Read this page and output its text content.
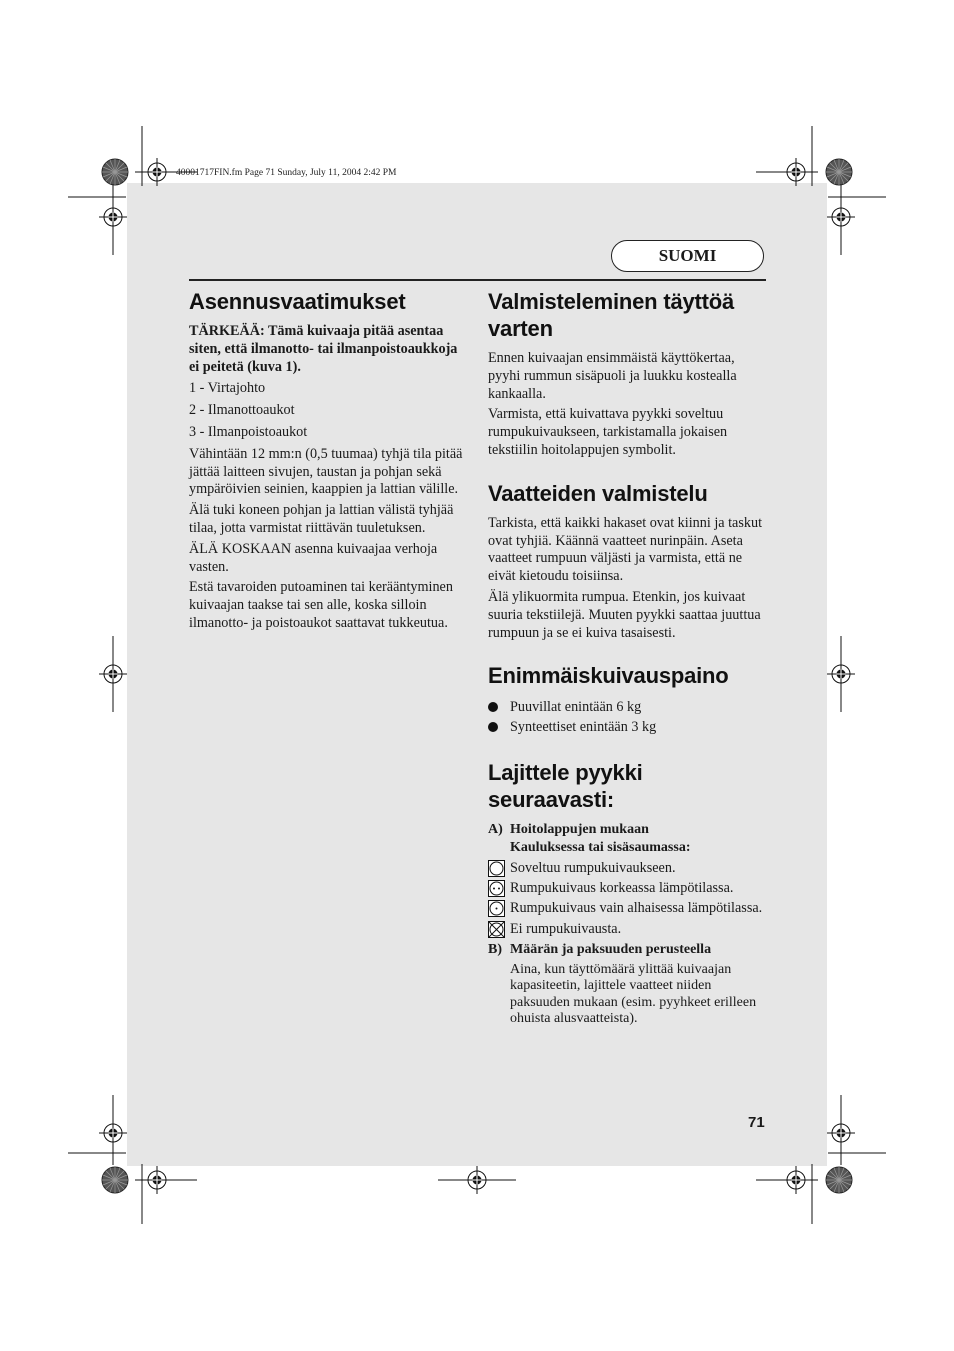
40001717FIN.fm Page 71 Sunday, July 11, 2004 2:42 PM
SUOMI
Asennusvaatimukset

TÄRKEÄÄ: Tämä kuivaaja pitää asentaa siten, että ilmanotto- tai ilmanpoistoaukkoja ei peitetä (kuva 1).

1 - Virtajohto

2 - Ilmanottoaukot

3 - Ilmanpoistoaukot

Vähintään 12 mm:n (0,5 tuumaa) tyhjä tila pitää jättää laitteen sivujen, taustan ja pohjan sekä ympäröivien seinien, kaappien ja lattian välille.

Älä tuki koneen pohjan ja lattian välistä tyhjää tilaa, jotta varmistat riittävän tuuletuksen.

ÄLÄ KOSKAAN asenna kuivaajaa verhoja vasten.

Estä tavaroiden putoaminen tai kerääntyminen kuivaajan taakse tai sen alle, koska silloin ilmanotto- ja poistoaukot saattavat tukkeutua.

Valmisteleminen täyttöä varten

Ennen kuivaajan ensimmäistä käyttökertaa, pyyhi rummun sisäpuoli ja luukku kostealla kankaalla.

Varmista, että kuivattava pyykki soveltuu rumpukuivaukseen, tarkistamalla jokaisen tekstiilin hoitolappujen symbolit.

Vaatteiden valmistelu

Tarkista, että kaikki hakaset ovat kiinni ja taskut ovat tyhjiä. Käännä vaatteet nurinpäin. Aseta vaatteet rumpuun väljästi ja varmista, että ne eivät kietoudu toisiinsa.

Älä ylikuormita rumpua. Etenkin, jos kuivaat suuria tekstiilejä. Muuten pyykki saattaa juuttua rumpuun ja se ei kuiva tasaisesti.

Enimmäiskuivauspaino
Puuvillat enintään 6 kg
Synteettiset enintään 3 kg
Lajittele pyykki seuraavasti:
A) Hoitolappujen mukaan
Kauluksessa tai sisäsaumassa:
Soveltuu rumpukuivaukseen.
Rumpukuivaus korkeassa lämpötilassa.
Rumpukuivaus vain alhaisessa lämpötilassa.
Ei rumpukuivausta.
B) Määrän ja paksuuden perusteella

Aina, kun täyttömäärä ylittää kuivaajan kapasiteetin, lajittele vaatteet niiden paksuuden mukaan (esim. pyyhkeet erilleen ohuista alusvaatteista).

71
